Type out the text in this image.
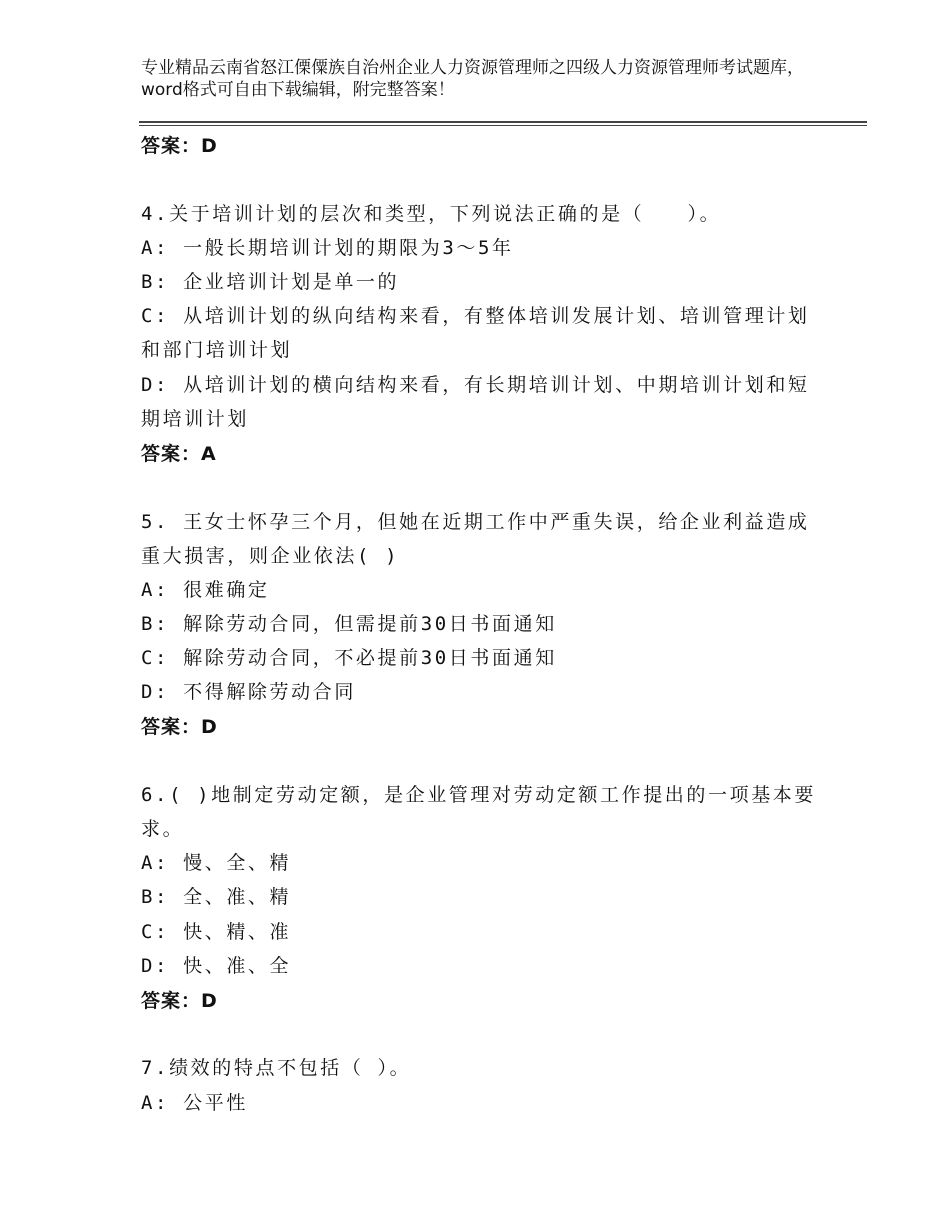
专业精品云南省怒江傈僳族自治州企业人力资源管理师之四级人力资源管理师考试题库，word格式可自由下载编辑，附完整答案！
答案：D
4.关于培训计划的层次和类型，下列说法正确的是（　　）。
A: 一般长期培训计划的期限为3～5年
B: 企业培训计划是单一的
C: 从培训计划的纵向结构来看，有整体培训发展计划、培训管理计划
和部门培训计划
D: 从培训计划的横向结构来看，有长期培训计划、中期培训计划和短
期培训计划
答案：A
5. 王女士怀孕三个月，但她在近期工作中严重失误，给企业利益造成
重大损害，则企业依法( )
A: 很难确定
B: 解除劳动合同，但需提前30日书面通知
C: 解除劳动合同，不必提前30日书面通知
D: 不得解除劳动合同
答案：D
6.( )地制定劳动定额，是企业管理对劳动定额工作提出的一项基本要
求。
A: 慢、全、精
B: 全、准、精
C: 快、精、准
D: 快、准、全
答案：D
7.绩效的特点不包括（ ）。
A: 公平性
